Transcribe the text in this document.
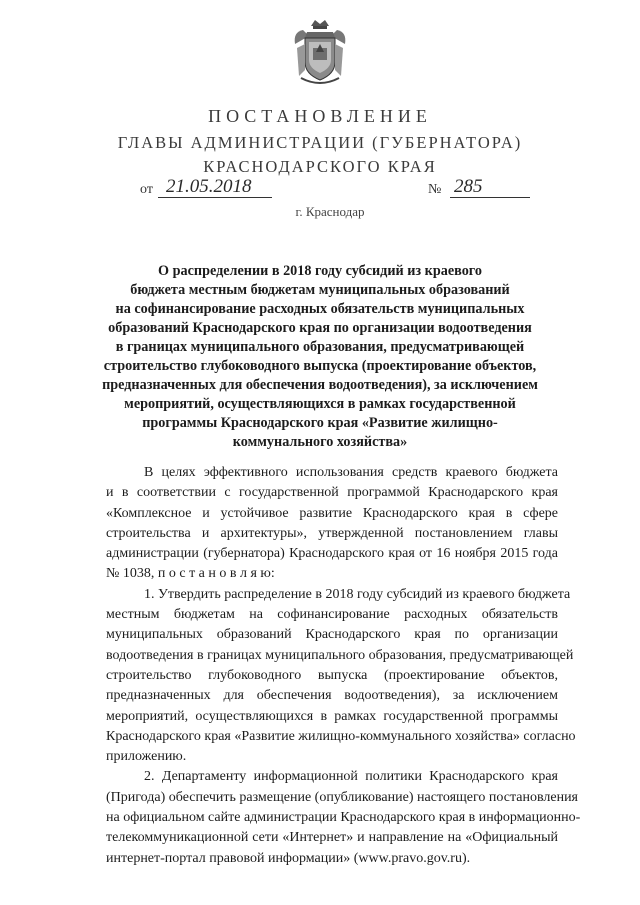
ПОСТАНОВЛЕНИЕ
ГЛАВЫ АДМИНИСТРАЦИИ (ГУБЕРНАТОРА)
КРАСНОДАРСКОГО КРАЯ
от 21.05.2018	№ 285
г. Краснодар
О распределении в 2018 году субсидий из краевого
бюджета местным бюджетам муниципальных образований
на софинансирование расходных обязательств муниципальных
образований Краснодарского края по организации водоотведения
в границах муниципального образования, предусматривающей
строительство глубоководного выпуска (проектирование объектов,
предназначенных для обеспечения водоотведения), за исключением
мероприятий, осуществляющихся в рамках государственной
программы Краснодарского края «Развитие жилищно-
коммунального хозяйства»
В целях эффективного использования средств краевого бюджета
и в соответствии с государственной программой Краснодарского края
«Комплексное и устойчивое развитие Краснодарского края в сфере
строительства и архитектуры», утвержденной постановлением главы
администрации (губернатора) Краснодарского края от 16 ноября 2015 года
№ 1038, п о с т а н о в л я ю:
1. Утвердить распределение в 2018 году субсидий из краевого бюджета
местным бюджетам на софинансирование расходных обязательств
муниципальных образований Краснодарского края по организации
водоотведения в границах муниципального образования, предусматривающей
строительство глубоководного выпуска (проектирование объектов,
предназначенных для обеспечения водоотведения), за исключением
мероприятий, осуществляющихся в рамках государственной программы
Краснодарского края «Развитие жилищно-коммунального хозяйства» согласно
приложению.
2. Департаменту информационной политики Краснодарского края
(Пригода) обеспечить размещение (опубликование) настоящего постановления
на официальном сайте администрации Краснодарского края в информационно-
телекоммуникационной сети «Интернет» и направление на «Официальный
интернет-портал правовой информации» (www.pravo.gov.ru).
